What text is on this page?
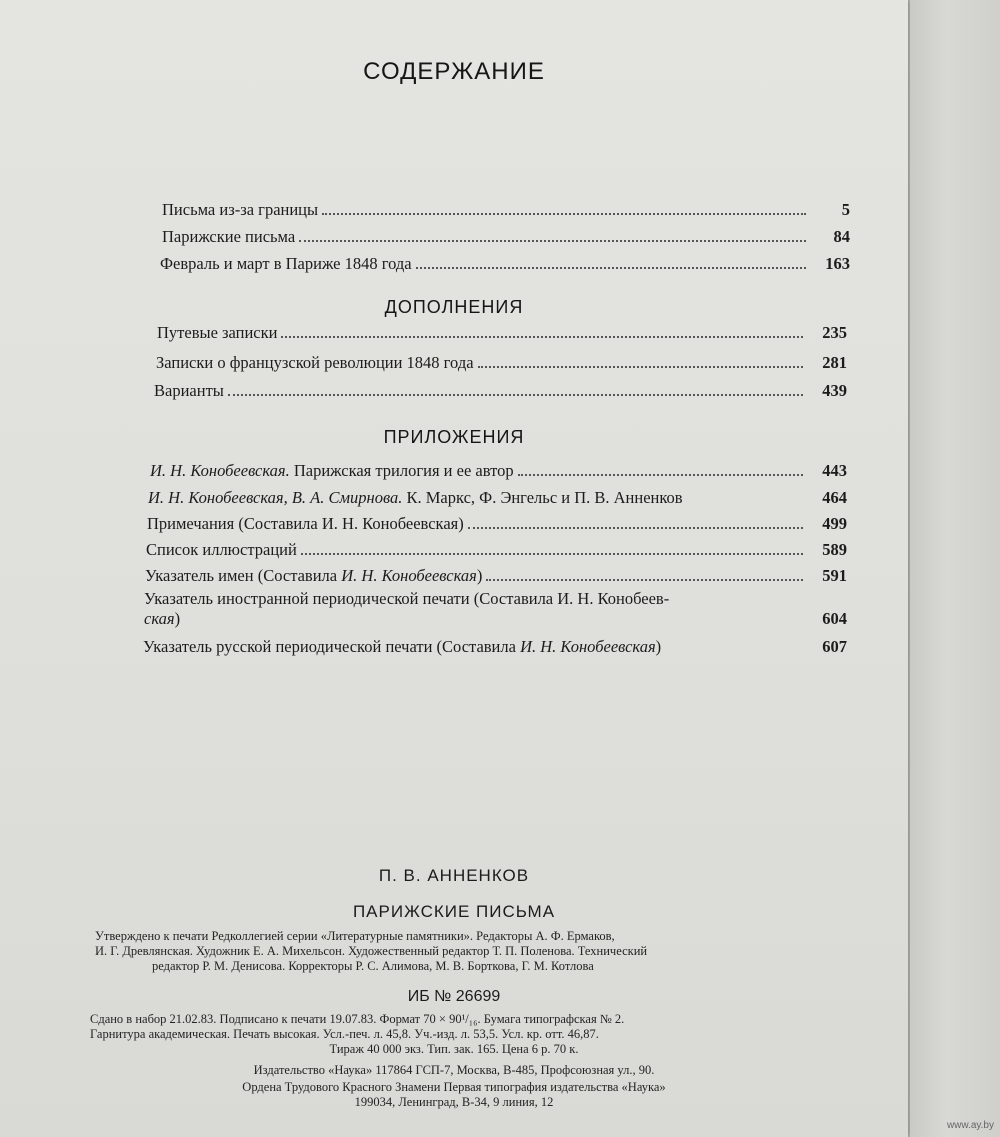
СОДЕРЖАНИЕ
Письма из-за границы	5
Парижские письма	84
Февраль и март в Париже 1848 года	163
ДОПОЛНЕНИЯ
Путевые записки	235
Записки о французской революции 1848 года	281
Варианты	439
ПРИЛОЖЕНИЯ
И. Н. Конобеевская. Парижская трилогия и ее автор	443
И. Н. Конобеевская, В. А. Смирнова. К. Маркс, Ф. Энгельс и П. В. Анненков	464
Примечания (Составила И. Н. Конобеевская)	499
Список иллюстраций	589
Указатель имен (Составила И. Н. Конобеевская)	591
Указатель иностранной периодической печати (Составила И. Н. Конобеев-
ская)	604
Указатель русской периодической печати (Составила И. Н. Конобеевская)	607
П. В. АННЕНКОВ
ПАРИЖСКИЕ ПИСЬМА
Утверждено к печати Редколлегией серии «Литературные памятники». Редакторы А. Ф. Ермаков,
И. Г. Древлянская. Художник Е. А. Михельсон. Художественный редактор Т. П. Поленова. Технический
редактор Р. М. Денисова. Корректоры Р. С. Алимова, М. В. Борткова, Г. М. Котлова
ИБ № 26699
Сдано в набор 21.02.83. Подписано к печати 19.07.83. Формат 70 × 90¹/₁₆. Бумага типографская № 2.
Гарнитура академическая. Печать высокая. Усл.-печ. л. 45,8. Уч.-изд. л. 53,5. Усл. кр. отт. 46,87.
Тираж 40 000 экз. Тип. зак. 165. Цена 6 р. 70 к.
Издательство «Наука» 117864 ГСП-7, Москва, В-485, Профсоюзная ул., 90.
Ордена Трудового Красного Знамени Первая типография издательства «Наука»
199034, Ленинград, В-34, 9 линия, 12
www.ay.by
